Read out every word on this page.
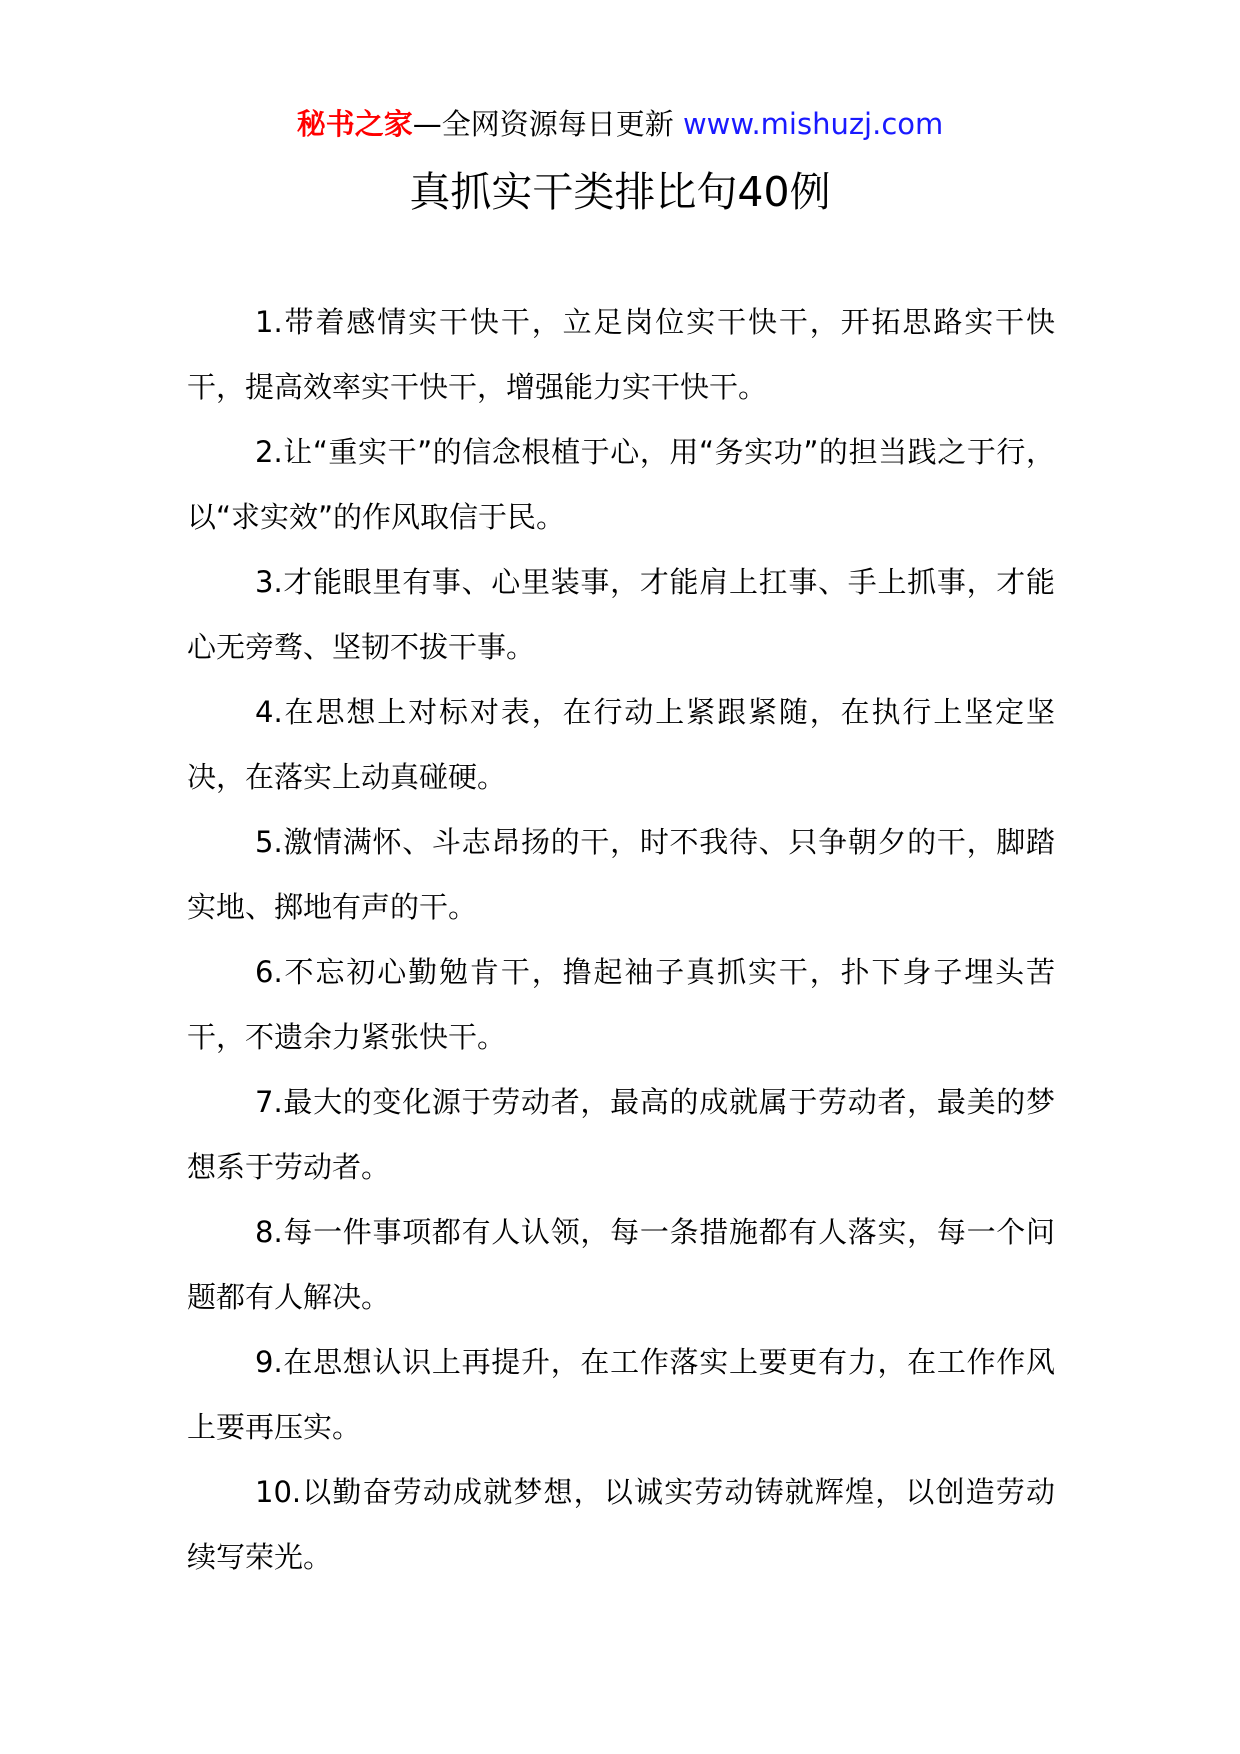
秘书之家—全网资源每日更新 www.mishuzj.com
真抓实干类排比句40例

1.带着感情实干快干，立足岗位实干快干，开拓思路实干快干，提高效率实干快干，增强能力实干快干。

2.让“重实干”的信念根植于心，用“务实功”的担当践之于行，以“求实效”的作风取信于民。

3.才能眼里有事、心里装事，才能肩上扛事、手上抓事，才能心无旁骛、坚韧不拔干事。

4.在思想上对标对表，在行动上紧跟紧随，在执行上坚定坚决，在落实上动真碰硬。

5.激情满怀、斗志昂扬的干，时不我待、只争朝夕的干，脚踏实地、掷地有声的干。

6.不忘初心勤勉肯干，撸起袖子真抓实干，扑下身子埋头苦干，不遗余力紧张快干。

7.最大的变化源于劳动者，最高的成就属于劳动者，最美的梦想系于劳动者。

8.每一件事项都有人认领，每一条措施都有人落实，每一个问题都有人解决。

9.在思想认识上再提升，在工作落实上要更有力，在工作作风上要再压实。

10.以勤奋劳动成就梦想，以诚实劳动铸就辉煌，以创造劳动续写荣光。
